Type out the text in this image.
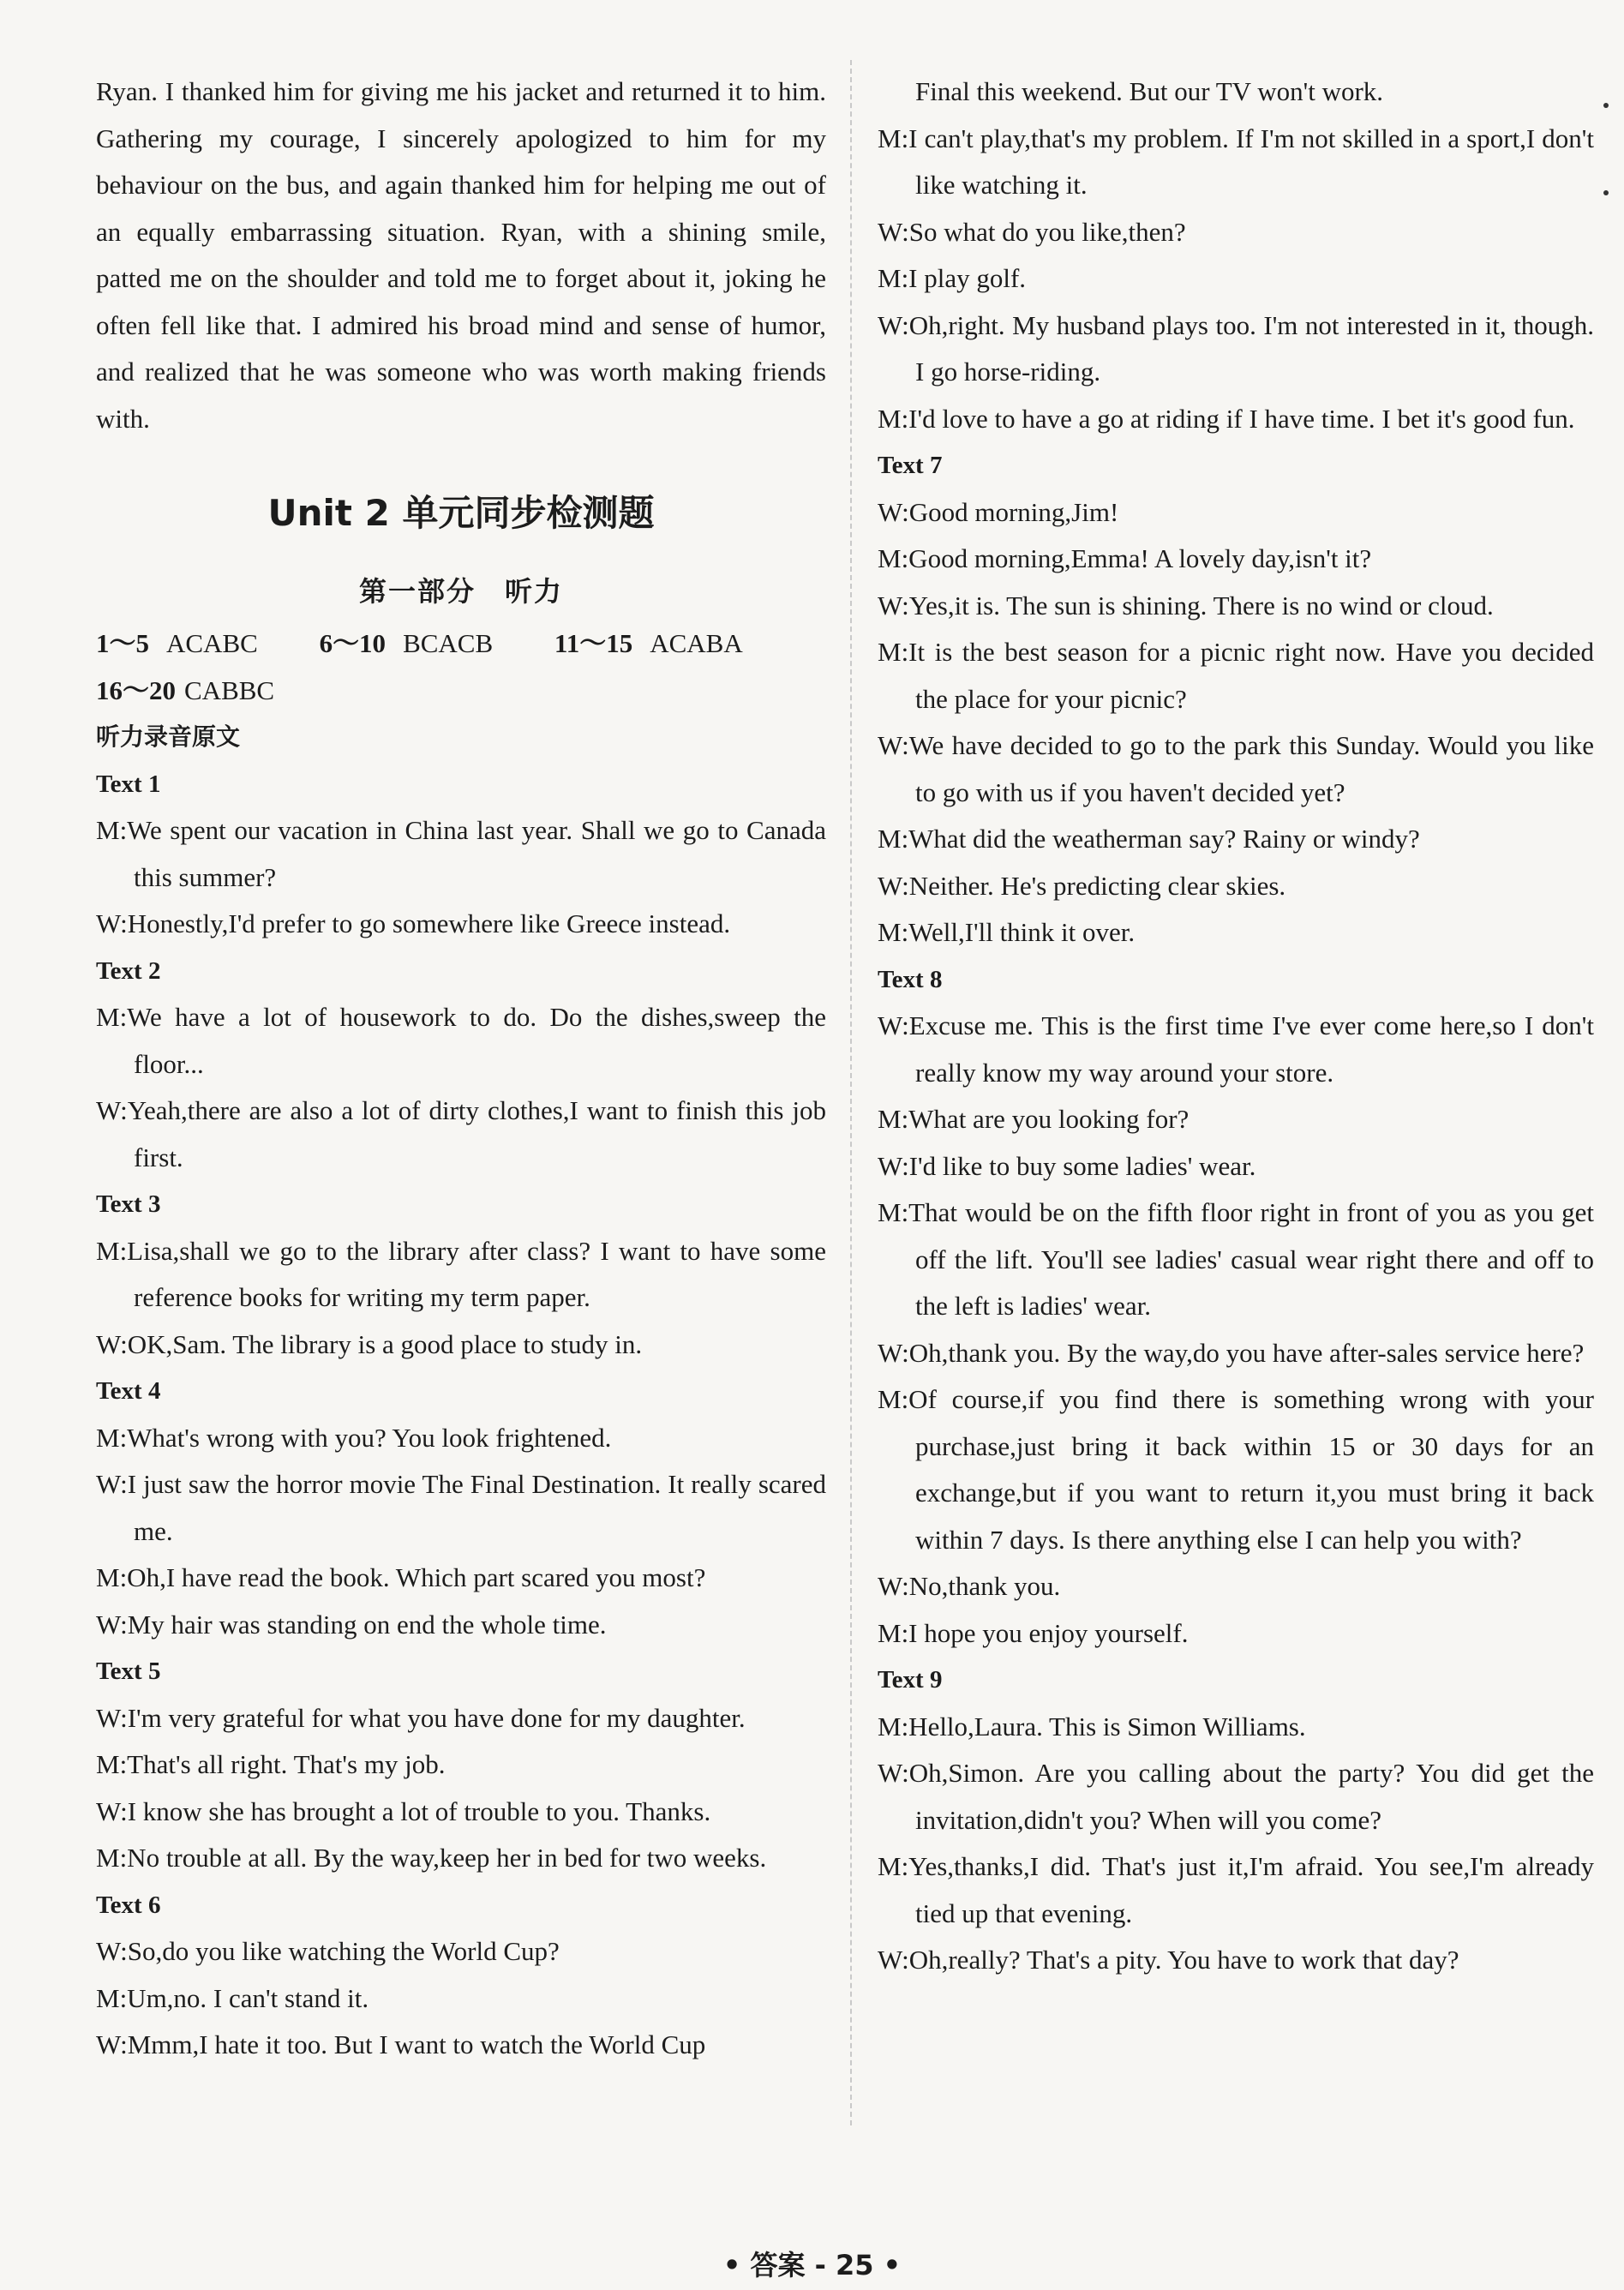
Ryan. I thanked him for giving me his jacket and returned it to him. Gathering my courage, I sincerely apologized to him for my behaviour on the bus, and again thanked him for helping me out of an equally embarrassing situation. Ryan, with a shining smile, patted me on the shoulder and told me to forget about it, joking he often fell like that. I admired his broad mind and sense of humor, and realized that he was someone who was worth making friends with.

Unit 2 单元同步检测题
第一部分　听力
1～5 ACABC 6～10 BCACB 11～15 ACABA
16～20 CABBC
听力录音原文
Text 1

M:We spent our vacation in China last year. Shall we go to Canada this summer?

W:Honestly,I'd prefer to go somewhere like Greece instead.

Text 2

M:We have a lot of housework to do. Do the dishes,sweep the floor...

W:Yeah,there are also a lot of dirty clothes,I want to finish this job first.

Text 3

M:Lisa,shall we go to the library after class? I want to have some reference books for writing my term paper.

W:OK,Sam. The library is a good place to study in.

Text 4

M:What's wrong with you? You look frightened.

W:I just saw the horror movie The Final Destination. It really scared me.

M:Oh,I have read the book. Which part scared you most?

W:My hair was standing on end the whole time.

Text 5

W:I'm very grateful for what you have done for my daughter.

M:That's all right. That's my job.

W:I know she has brought a lot of trouble to you. Thanks.

M:No trouble at all. By the way,keep her in bed for two weeks.

Text 6

W:So,do you like watching the World Cup?

M:Um,no. I can't stand it.

W:Mmm,I hate it too. But I want to watch the World Cup

Final this weekend. But our TV won't work.

M:I can't play,that's my problem. If I'm not skilled in a sport,I don't like watching it.

W:So what do you like,then?

M:I play golf.

W:Oh,right. My husband plays too. I'm not interested in it, though. I go horse-riding.

M:I'd love to have a go at riding if I have time. I bet it's good fun.

Text 7

W:Good morning,Jim!

M:Good morning,Emma! A lovely day,isn't it?

W:Yes,it is. The sun is shining. There is no wind or cloud.

M:It is the best season for a picnic right now. Have you decided the place for your picnic?

W:We have decided to go to the park this Sunday. Would you like to go with us if you haven't decided yet?

M:What did the weatherman say? Rainy or windy?

W:Neither. He's predicting clear skies.

M:Well,I'll think it over.

Text 8

W:Excuse me. This is the first time I've ever come here,so I don't really know my way around your store.

M:What are you looking for?

W:I'd like to buy some ladies' wear.

M:That would be on the fifth floor right in front of you as you get off the lift. You'll see ladies' casual wear right there and off to the left is ladies' wear.

W:Oh,thank you. By the way,do you have after-sales service here?

M:Of course,if you find there is something wrong with your purchase,just bring it back within 15 or 30 days for an exchange,but if you want to return it,you must bring it back within 7 days. Is there anything else I can help you with?

W:No,thank you.

M:I hope you enjoy yourself.

Text 9

M:Hello,Laura. This is Simon Williams.

W:Oh,Simon. Are you calling about the party? You did get the invitation,didn't you? When will you come?

M:Yes,thanks,I did. That's just it,I'm afraid. You see,I'm already tied up that evening.

W:Oh,really? That's a pity. You have to work that day?

• 答案 - 25 •
